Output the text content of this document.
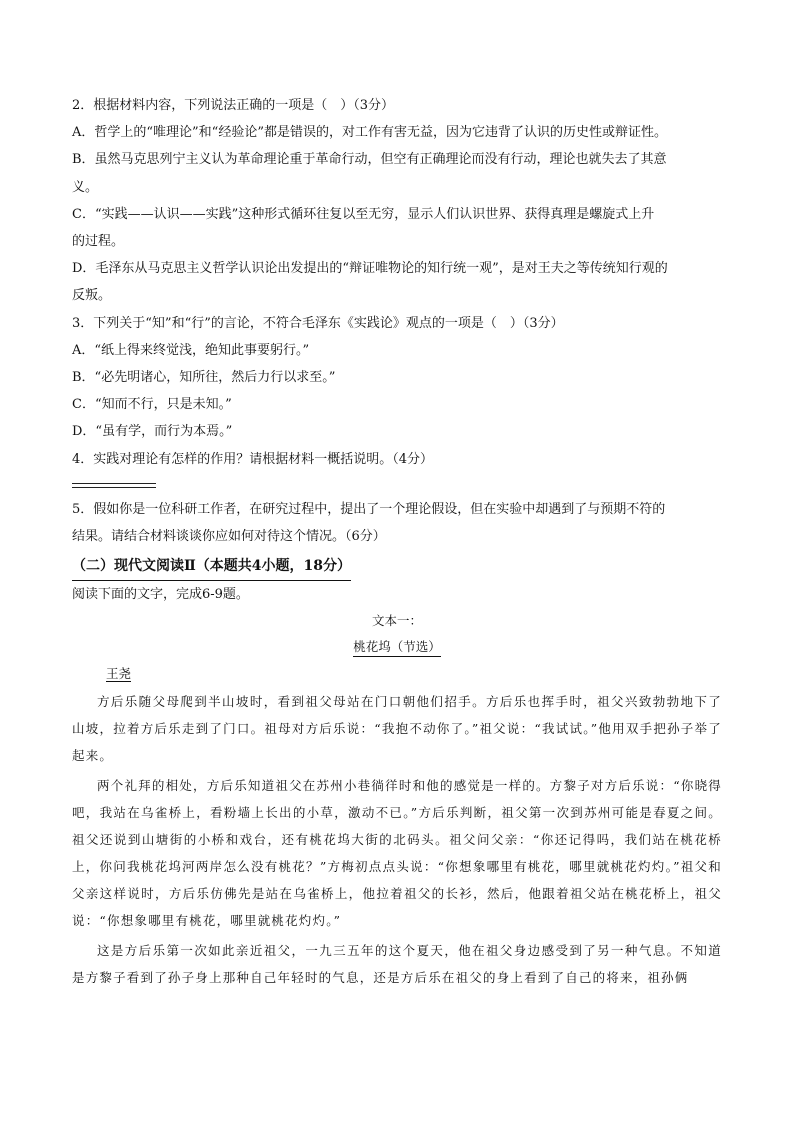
2．根据材料内容，下列说法正确的一项是（　）（3分）
A．哲学上的“唯理论”和“经验论”都是错误的，对工作有害无益，因为它违背了认识的历史性或辩证性。
B．虽然马克思列宁主义认为革命理论重于革命行动，但空有正确理论而没有行动，理论也就失去了其意
义。
C．“实践——认识——实践”这种形式循环往复以至无穷，显示人们认识世界、获得真理是螺旋式上升
的过程。
D．毛泽东从马克思主义哲学认识论出发提出的“辩证唯物论的知行统一观”，是对王夫之等传统知行观的
反叛。
3．下列关于“知”和“行”的言论，不符合毛泽东《实践论》观点的一项是（　）（3分）
A．“纸上得来终觉浅，绝知此事要躬行。”
B．“必先明诸心，知所往，然后力行以求至。”
C．“知而不行，只是未知。”
D．“虽有学，而行为本焉。”
4．实践对理论有怎样的作用？请根据材料一概括说明。（4分）
5．假如你是一位科研工作者，在研究过程中，提出了一个理论假设，但在实验中却遇到了与预期不符的
结果。请结合材料谈谈你应如何对待这个情况。（6分）
（二）现代文阅读Ⅱ（本题共4小题，18分）
阅读下面的文字，完成6-9题。
文本一：
桃花坞（节选）
王尧

方后乐随父母爬到半山坡时，看到祖父母站在门口朝他们招手。方后乐也挥手时，祖父兴致勃勃地下了山坡，拉着方后乐走到了门口。祖母对方后乐说：“我抱不动你了。”祖父说：“我试试。”他用双手把孙子举了起来。

两个礼拜的相处，方后乐知道祖父在苏州小巷徜徉时和他的感觉是一样的。方黎子对方后乐说：“你晓得吧，我站在乌雀桥上，看粉墙上长出的小草，激动不已。”方后乐判断，祖父第一次到苏州可能是春夏之间。祖父还说到山塘街的小桥和戏台，还有桃花坞大街的北码头。祖父问父亲：“你还记得吗，我们站在桃花桥上，你问我桃花坞河两岸怎么没有桃花？”方梅初点点头说：“你想象哪里有桃花，哪里就桃花灼灼。”祖父和父亲这样说时，方后乐仿佛先是站在乌雀桥上，他拉着祖父的长衫，然后，他跟着祖父站在桃花桥上，祖父说：“你想象哪里有桃花，哪里就桃花灼灼。”

这是方后乐第一次如此亲近祖父，一九三五年的这个夏天，他在祖父身边感受到了另一种气息。不知道是方黎子看到了孙子身上那种自己年轻时的气息，还是方后乐在祖父的身上看到了自己的将来，祖孙俩
